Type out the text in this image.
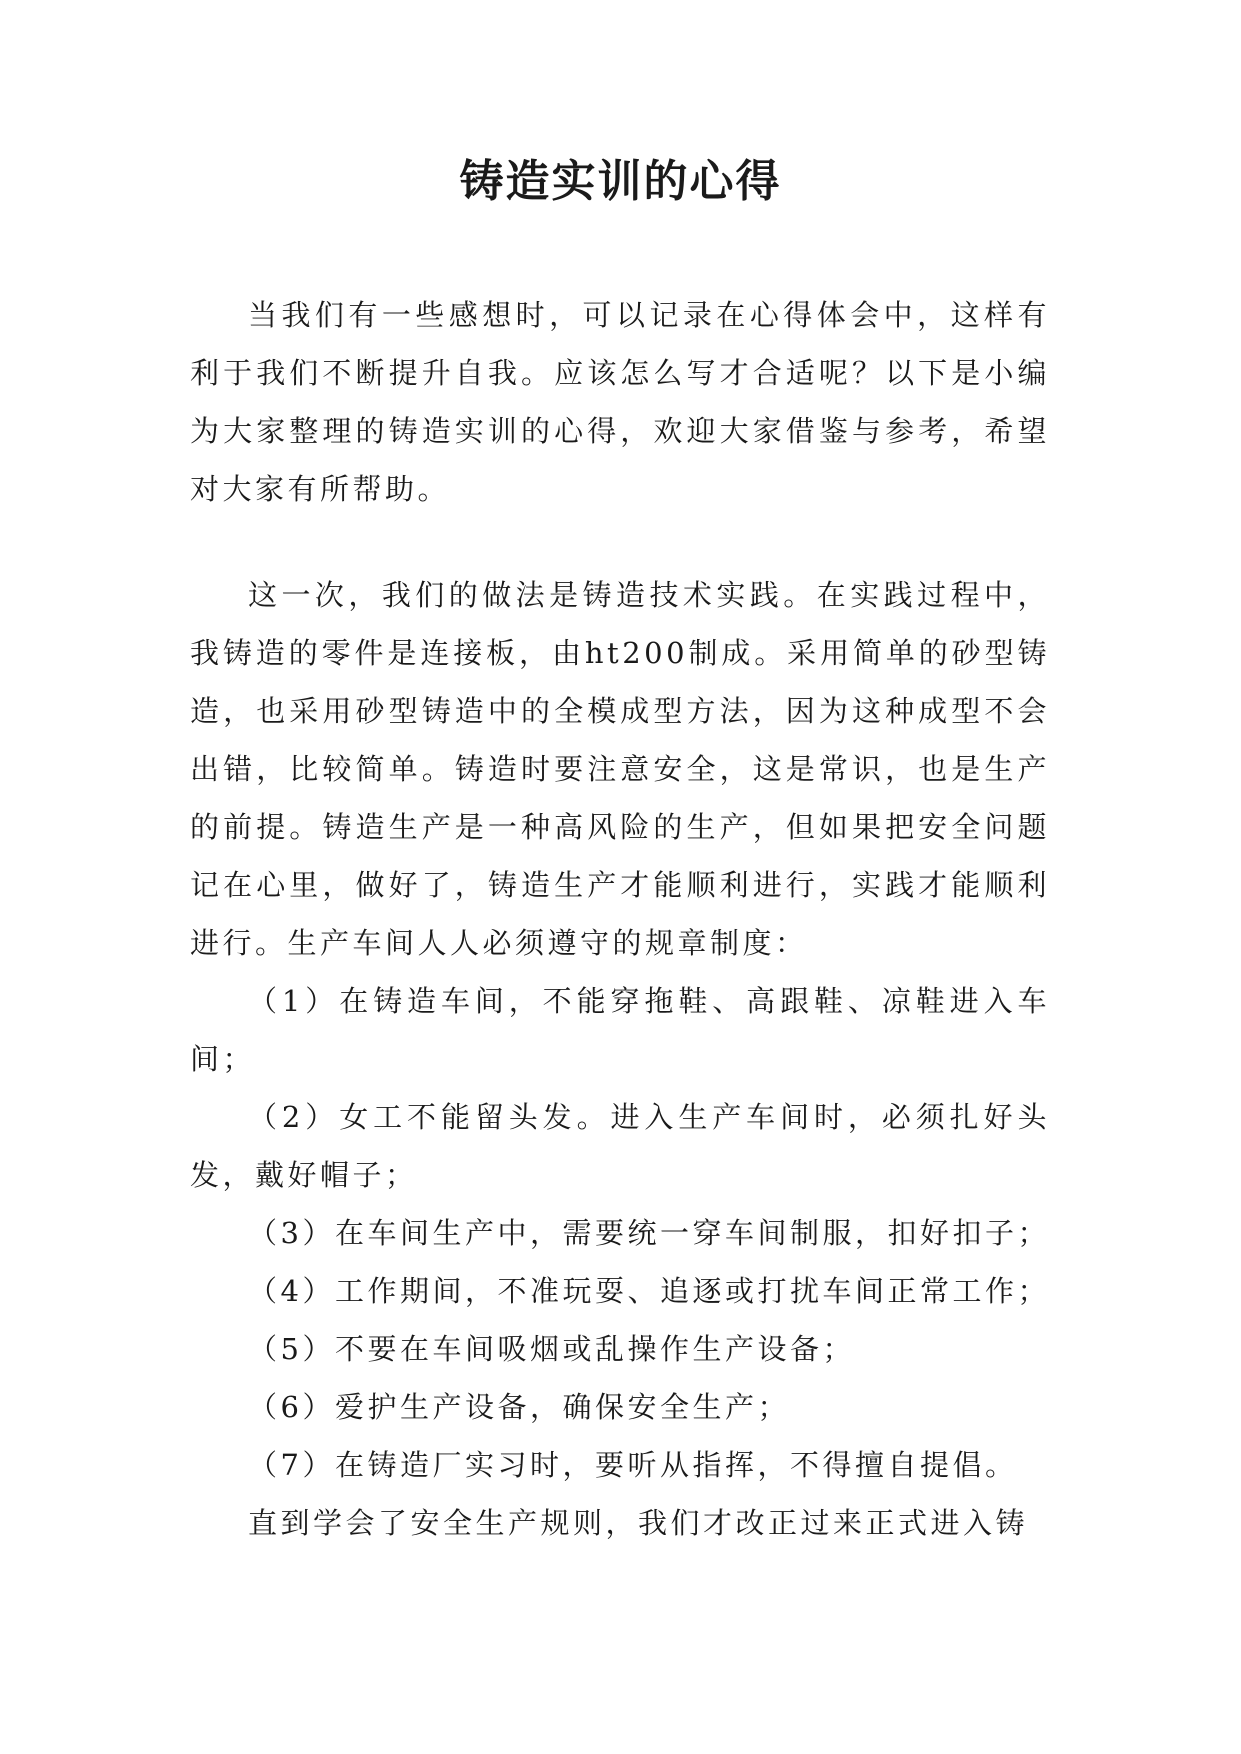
铸造实训的心得

当我们有一些感想时，可以记录在心得体会中，这样有利于我们不断提升自我。应该怎么写才合适呢？以下是小编为大家整理的铸造实训的心得，欢迎大家借鉴与参考，希望对大家有所帮助。

这一次，我们的做法是铸造技术实践。在实践过程中，我铸造的零件是连接板，由ht200制成。采用简单的砂型铸造，也采用砂型铸造中的全模成型方法，因为这种成型不会出错，比较简单。铸造时要注意安全，这是常识，也是生产的前提。铸造生产是一种高风险的生产，但如果把安全问题记在心里，做好了，铸造生产才能顺利进行，实践才能顺利进行。生产车间人人必须遵守的规章制度：

（1）在铸造车间，不能穿拖鞋、高跟鞋、凉鞋进入车间；

（2）女工不能留头发。进入生产车间时，必须扎好头发，戴好帽子；

（3）在车间生产中，需要统一穿车间制服，扣好扣子；

（4）工作期间，不准玩耍、追逐或打扰车间正常工作；

（5）不要在车间吸烟或乱操作生产设备；

（6）爱护生产设备，确保安全生产；

（7）在铸造厂实习时，要听从指挥，不得擅自提倡。

直到学会了安全生产规则，我们才改正过来正式进入铸
